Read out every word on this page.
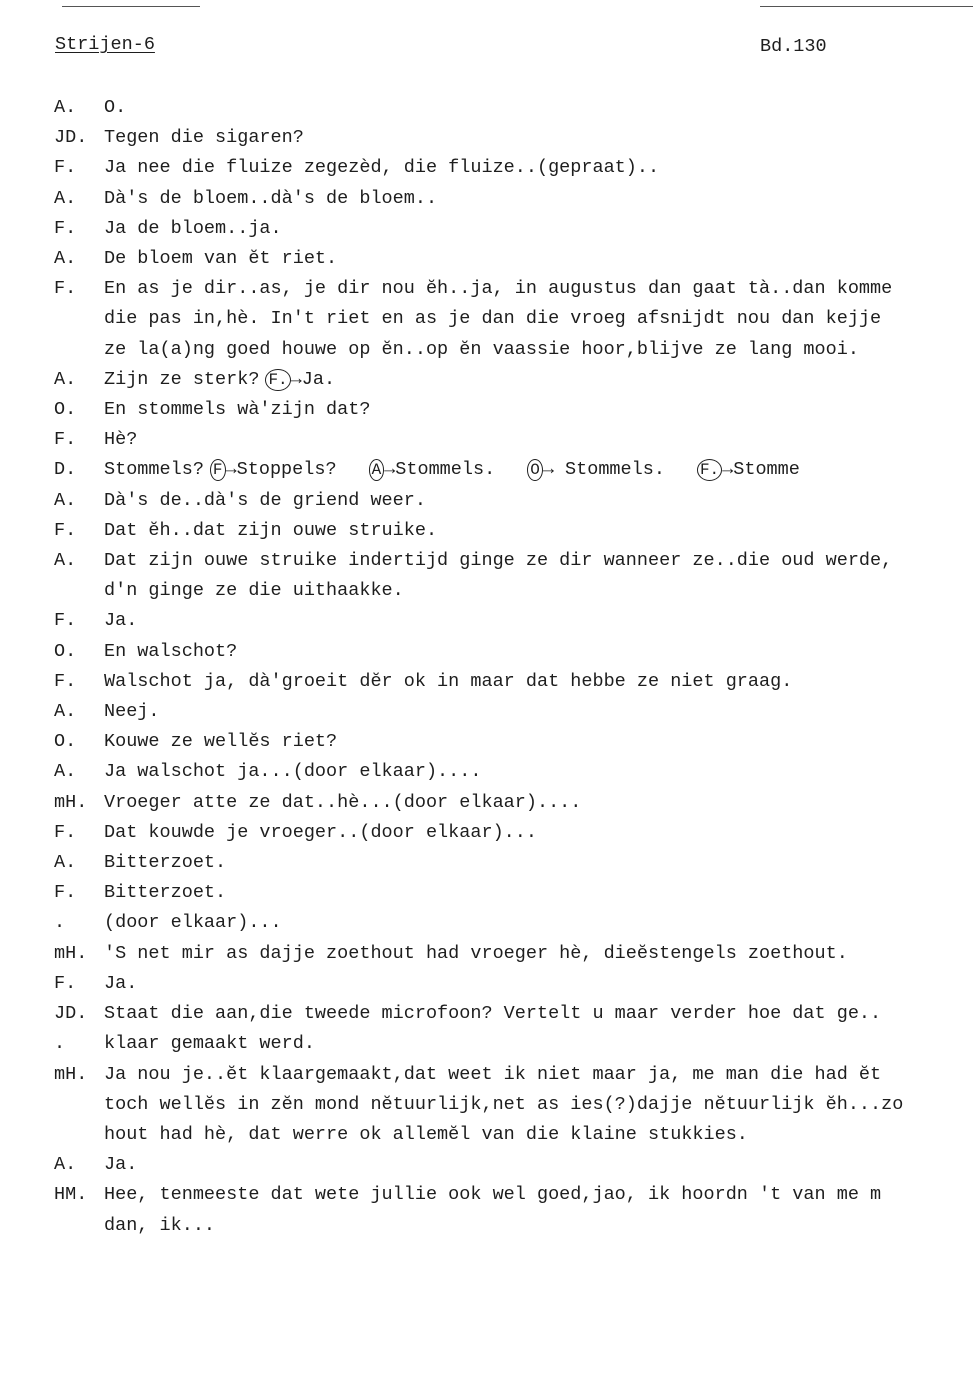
Strijen-6	Bd.130
A.	O.
JD. Tegen die sigaren?
F.	Ja nee die fluize zegezèd, die fluize..(gepraat)..
A.	Dà's de bloem..dà's de bloem..
F.	Ja de bloem..ja.
A.	De bloem van ĕt riet.
F.	En as je dir..as, je dir nou ĕh..ja, in augustus dan gaat tà..dan komme
die pas in,hè. In't riet en as je dan die vroeg afsnijdt nou dan kejje
ze la(a)ng goed houwe op ĕn..op ĕn vaassie hoor,blijve ze lang mooi.
A.	Zijn ze sterk? F. →Ja.
O.	En stommels wà'zijn dat?
F.	Hè?
D.	Stommels? F →Stoppels? A →Stommels. O → Stommels. F. →Stomme
A.	Dà's de..dà's de griend weer.
F.	Dat ĕh..dat zijn ouwe struike.
A.	Dat zijn ouwe struike indertijd ginge ze dir wanneer ze..die oud werde,
d'n ginge ze die uithaakke.
F.	Ja.
O.	En walschot?
F.	Walschot ja, dà'groeit dĕr ok in maar dat hebbe ze niet graag.
A.	Neej.
O.	Kouwe ze wellĕs riet?
A.	Ja walschot ja...(door elkaar)....
mH. Vroeger atte ze dat..hè...(door elkaar)....
F.	Dat kouwde je vroeger..(door elkaar)...
A.	Bitterzoet.
F.	Bitterzoet.
.	(door elkaar)...
mH. 'S net mir as dajje zoethout had vroeger hè, dieĕstengels zoethout.
F.	Ja.
JD. Staat die aan,die tweede microfoon? Vertelt u maar verder hoe dat ge..
.	klaar gemaakt werd.
mH. Ja nou je..ĕt klaargemaakt,dat weet ik niet maar ja, me man die had ĕt
toch wellĕs in zĕn mond nĕtuurlijk,net as ies(?)dajje nĕtuurlijk ĕh...zo
hout had hè, dat werre ok allemĕl van die klaine stukkies.
A.	Ja.
HM. Hee, tenmeeste dat wete jullie ook wel goed,jao, ik hoordn 't van me m
dan, ik...
